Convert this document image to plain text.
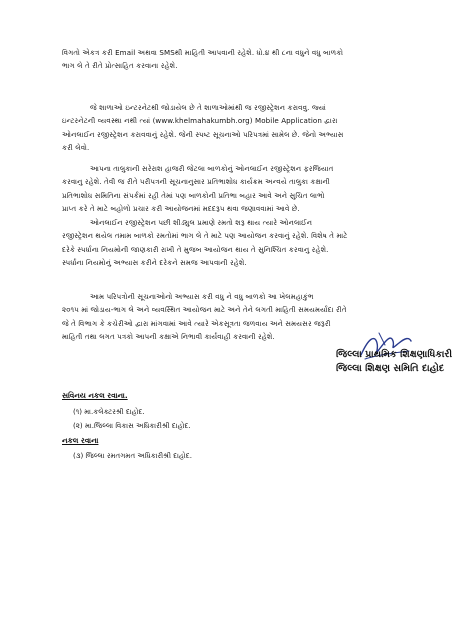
વિગતો એકત્ર કરી Email અથવા SMSથી માહિતી આપવાની રહેશે. ધો.૪ થી ૮ના વધુને વધુ બાળકો
ભાગ લે તે રીતે પ્રોત્સાહિત કરવાના રહેશે.

જે શાળાઓ ઇન્ટરનેટથી જોડાયેલ છે તે શાળાઓમાંથી જ રજીસ્ટ્રેશન કરાવવુ. જ્યાં
ઇન્ટરનેટની વ્યવસ્થા નથી ત્યાં (www.khelmahakumbh.org) Mobile Application દ્વારા
ઓનલાઈન રજીસ્ટ્રેશન કરાવવાનું રહેશે. જેની સ્પષ્ટ સૂચનાઓ પરિપત્રમાં સામેલ છે. જેનો અભ્યાસ
કરી લેવો.

આપના તાલુકાની સરેરાશ હાજરી જેટલા બાળકોનું ઓનલાઈન રજીસ્ટ્રેશન ફરજિયાત
કરવાનુ રહેશે. તેવી જ રીતે પરીપત્રની સૂચનાનુસાર પ્રતિભાશોધ કાર્યક્રમ અન્વયે તાલુકા કક્ષાની
પ્રતિભાશોધ સમિતિના સંપર્કમાં રહી તેમાં પણ બાળકોની પ્રતિભા બહાર આવે અને સુચિત લાભો
પ્રાપ્ત કરે તે માટે બહોળો પ્રચાર કરી આયોજનમાં મદદરૂપ થવા જણાવવામાં આવે છે.

ઓનલાઈન રજીસ્ટ્રેશન પછી શીડ્યુલ પ્રમાણે રમતો શરૂ થાય ત્યારે ઓનલાઈન
રજીસ્ટ્રેશન થયેલ તમામ બાળકો રમતોમાં ભાગ લે તે માટે પણ આયોજન કરવાનું રહેશે. વિશેષ તે માટે
દરેકે સ્પર્ધાના નિયમોની જાણકારી રાખી તે મુજબ આયોજન થાય તે સુનિશ્ચિત કરવાનુ રહેશે.
સ્પર્ધાના નિયમોનું અભ્યાસ કરીને દરેકને સમજ આપવાની રહેશે.

આમ પરિપત્રોની સૂચનાઓનો અભ્યાસ કરી વધુ ને વધુ બાળકો આ ખેલમહાકુંભ
૨૦૧૫ માં જોડાય-ભાગ લે અને વ્યવસ્થિત આયોજન માટે અને તેને લગતી માહિતી સમયમર્યાદા રીતે
જે તે વિભાગ કે કચેરીઓ દ્વારા માંગવામાં આવે ત્યારે એકસૂત્રતા જળવાય અને સમયસર જરૂરી
માહિતી તથા લગત પત્રકો આપની કક્ષાએ નિભાવી કાર્યવાહી કરવાની રહેશે.

જિલ્લા પ્રાથમિક શિક્ષણાધિકારી
જિલ્લા શિક્ષણ સમિતિ દાહોદ
સવિનય નકલ રવાના.
(૧) મા.કલેક્ટરશ્રી દાહોદ.
(૨) મા.જિલ્લા વિકાસ અધિકારીશ્રી દાહોદ.
નકલ રવાના
(૩) જિલ્લા રમતગમત અધિકારીશ્રી દાહોદ.
